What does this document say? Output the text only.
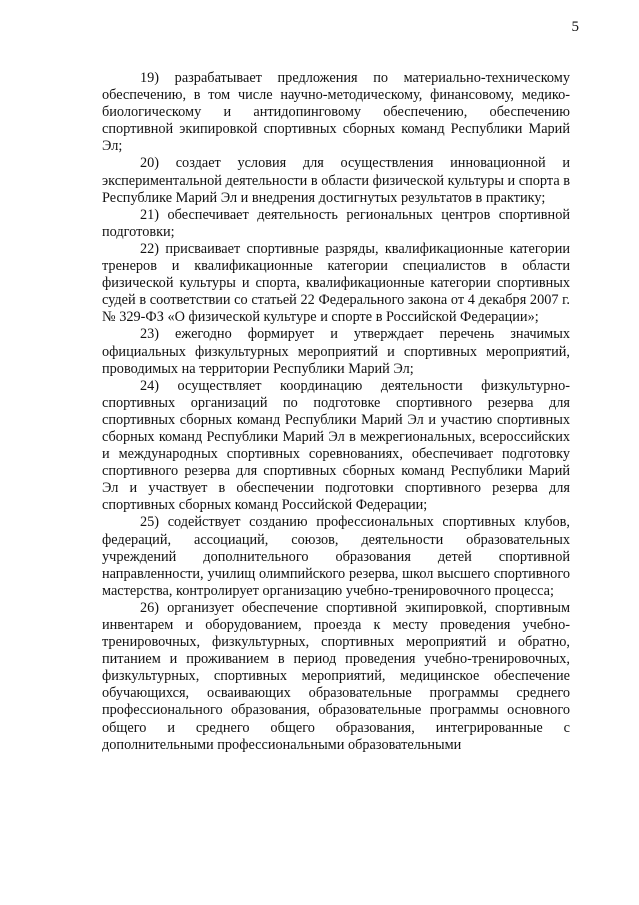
5

19) разрабатывает предложения по материально-техническому обеспечению, в том числе научно-методическому, финансовому, медико-биологическому и антидопинговому обеспечению, обеспечению спортивной экипировкой спортивных сборных команд Республики Марий Эл;

20) создает условия для осуществления инновационной и экспериментальной деятельности в области физической культуры и спорта в Республике Марий Эл и внедрения достигнутых результатов в практику;

21) обеспечивает деятельность региональных центров спортивной подготовки;

22) присваивает спортивные разряды, квалификационные категории тренеров и квалификационные категории специалистов в области физической культуры и спорта, квалификационные категории спортивных судей в соответствии со статьей 22 Федерального закона от 4 декабря 2007 г. № 329-ФЗ «О физической культуре и спорте в Российской Федерации»;

23) ежегодно формирует и утверждает перечень значимых официальных физкультурных мероприятий и спортивных мероприятий, проводимых на территории Республики Марий Эл;

24) осуществляет координацию деятельности физкультурно-спортивных организаций по подготовке спортивного резерва для спортивных сборных команд Республики Марий Эл и участию спортивных сборных команд Республики Марий Эл в межрегиональных, всероссийских и международных спортивных соревнованиях, обеспечивает подготовку спортивного резерва для спортивных сборных команд Республики Марий Эл и участвует в обеспечении подготовки спортивного резерва для спортивных сборных команд Российской Федерации;

25) содействует созданию профессиональных спортивных клубов, федераций, ассоциаций, союзов, деятельности образовательных учреждений дополнительного образования детей спортивной направленности, училищ олимпийского резерва, школ высшего спортивного мастерства, контролирует организацию учебно-тренировочного процесса;

26) организует обеспечение спортивной экипировкой, спортивным инвентарем и оборудованием, проезда к месту проведения учебно-тренировочных, физкультурных, спортивных мероприятий и обратно, питанием и проживанием в период проведения учебно-тренировочных, физкультурных, спортивных мероприятий, медицинское обеспечение обучающихся, осваивающих образовательные программы среднего профессионального образования, образовательные программы основного общего и среднего общего образования, интегрированные с дополнительными профессиональными образовательными
